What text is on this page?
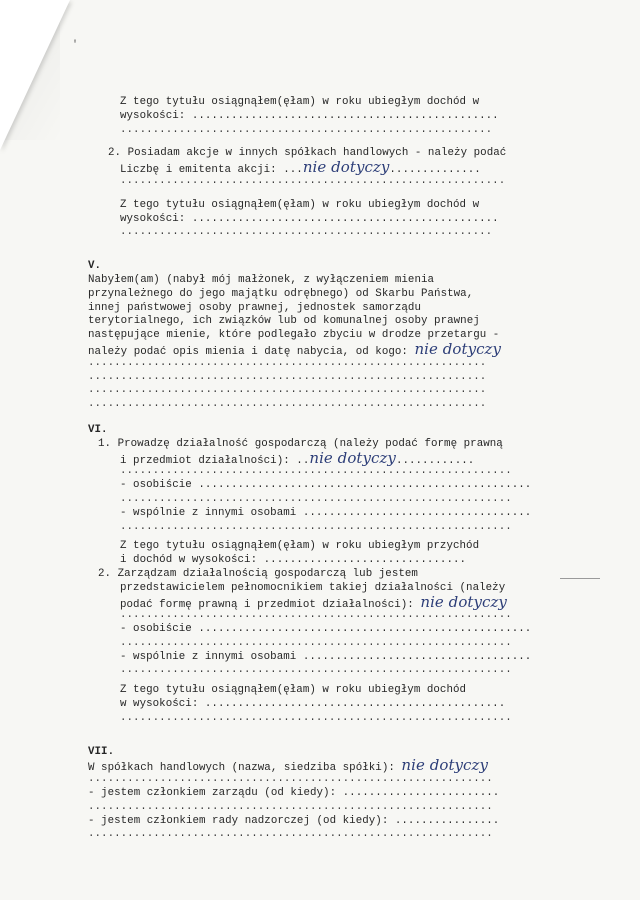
'
Z tego tytułu osiągnąłem(ęłam) w roku ubiegłym dochód w
wysokości: ...............................................
.........................................................
2. Posiadam akcje w innych spółkach handlowych - należy podać
Liczbę i emitenta akcji: ...nie dotyczy..............
...........................................................
Z tego tytułu osiągnąłem(ęłam) w roku ubiegłym dochód w
wysokości: ...............................................
.........................................................
V.
Nabyłem(am) (nabył mój małżonek, z wyłączeniem mienia
przynależnego do jego majątku odrębnego) od Skarbu Państwa,
innej państwowej osoby prawnej, jednostek samorządu
terytorialnego, ich związków lub od komunalnej osoby prawnej
następujące mienie, które podlegało zbyciu w drodze przetargu -
należy podać opis mienia i datę nabycia, od kogo: nie dotyczy
.............................................................
.............................................................
.............................................................
.............................................................
VI.
1. Prowadzę działalność gospodarczą (należy podać formę prawną
i przedmiot działalności): ..nie dotyczy............
............................................................
- osobiście ...................................................
............................................................
- wspólnie z innymi osobami ...................................
............................................................
Z tego tytułu osiągnąłem(ęłam) w roku ubiegłym przychód
i dochód w wysokości: ...............................
2. Zarządzam działalnością gospodarczą lub jestem
przedstawicielem pełnomocnikiem takiej działalności (należy
podać formę prawną i przedmiot działalności): nie dotyczy
............................................................
- osobiście ...................................................
............................................................
- wspólnie z innymi osobami ...................................
............................................................
Z tego tytułu osiągnąłem(ęłam) w roku ubiegłym dochód
w wysokości: ..............................................
............................................................
VII.
W spółkach handlowych (nazwa, siedziba spółki): nie dotyczy
..............................................................
- jestem członkiem zarządu (od kiedy): ........................
..............................................................
- jestem członkiem rady nadzorczej (od kiedy): ................
..............................................................
